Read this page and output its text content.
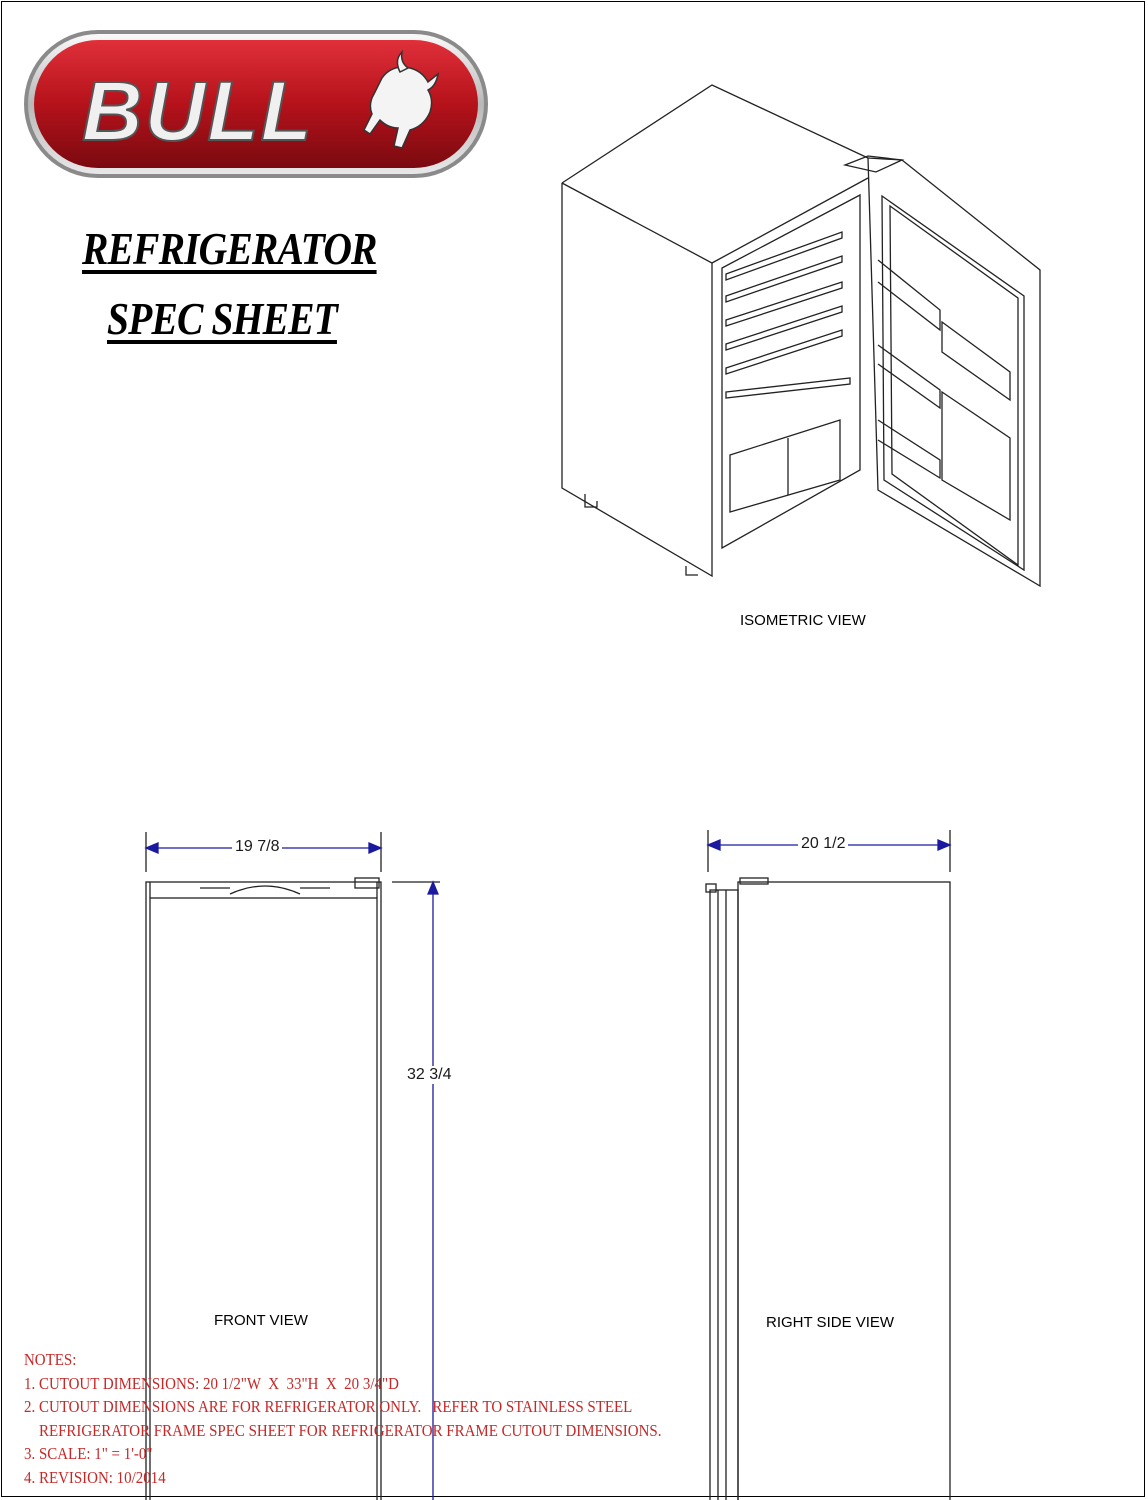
BULL
REFRIGERATOR
SPEC SHEET
19 7/8
32 3/4
20 1/2
ISOMETRIC VIEW
FRONT VIEW	RIGHT SIDE VIEW
NOTES:
1. CUTOUT DIMENSIONS: 20 1/2"W  X  33"H  X  20 3/4"D
2. CUTOUT DIMENSIONS ARE FOR REFRIGERATOR ONLY.   REFER TO STAINLESS STEEL
REFRIGERATOR FRAME SPEC SHEET FOR REFRIGERATOR FRAME CUTOUT DIMENSIONS.
3. SCALE: 1" = 1'-0"
4. REVISION: 10/2014
